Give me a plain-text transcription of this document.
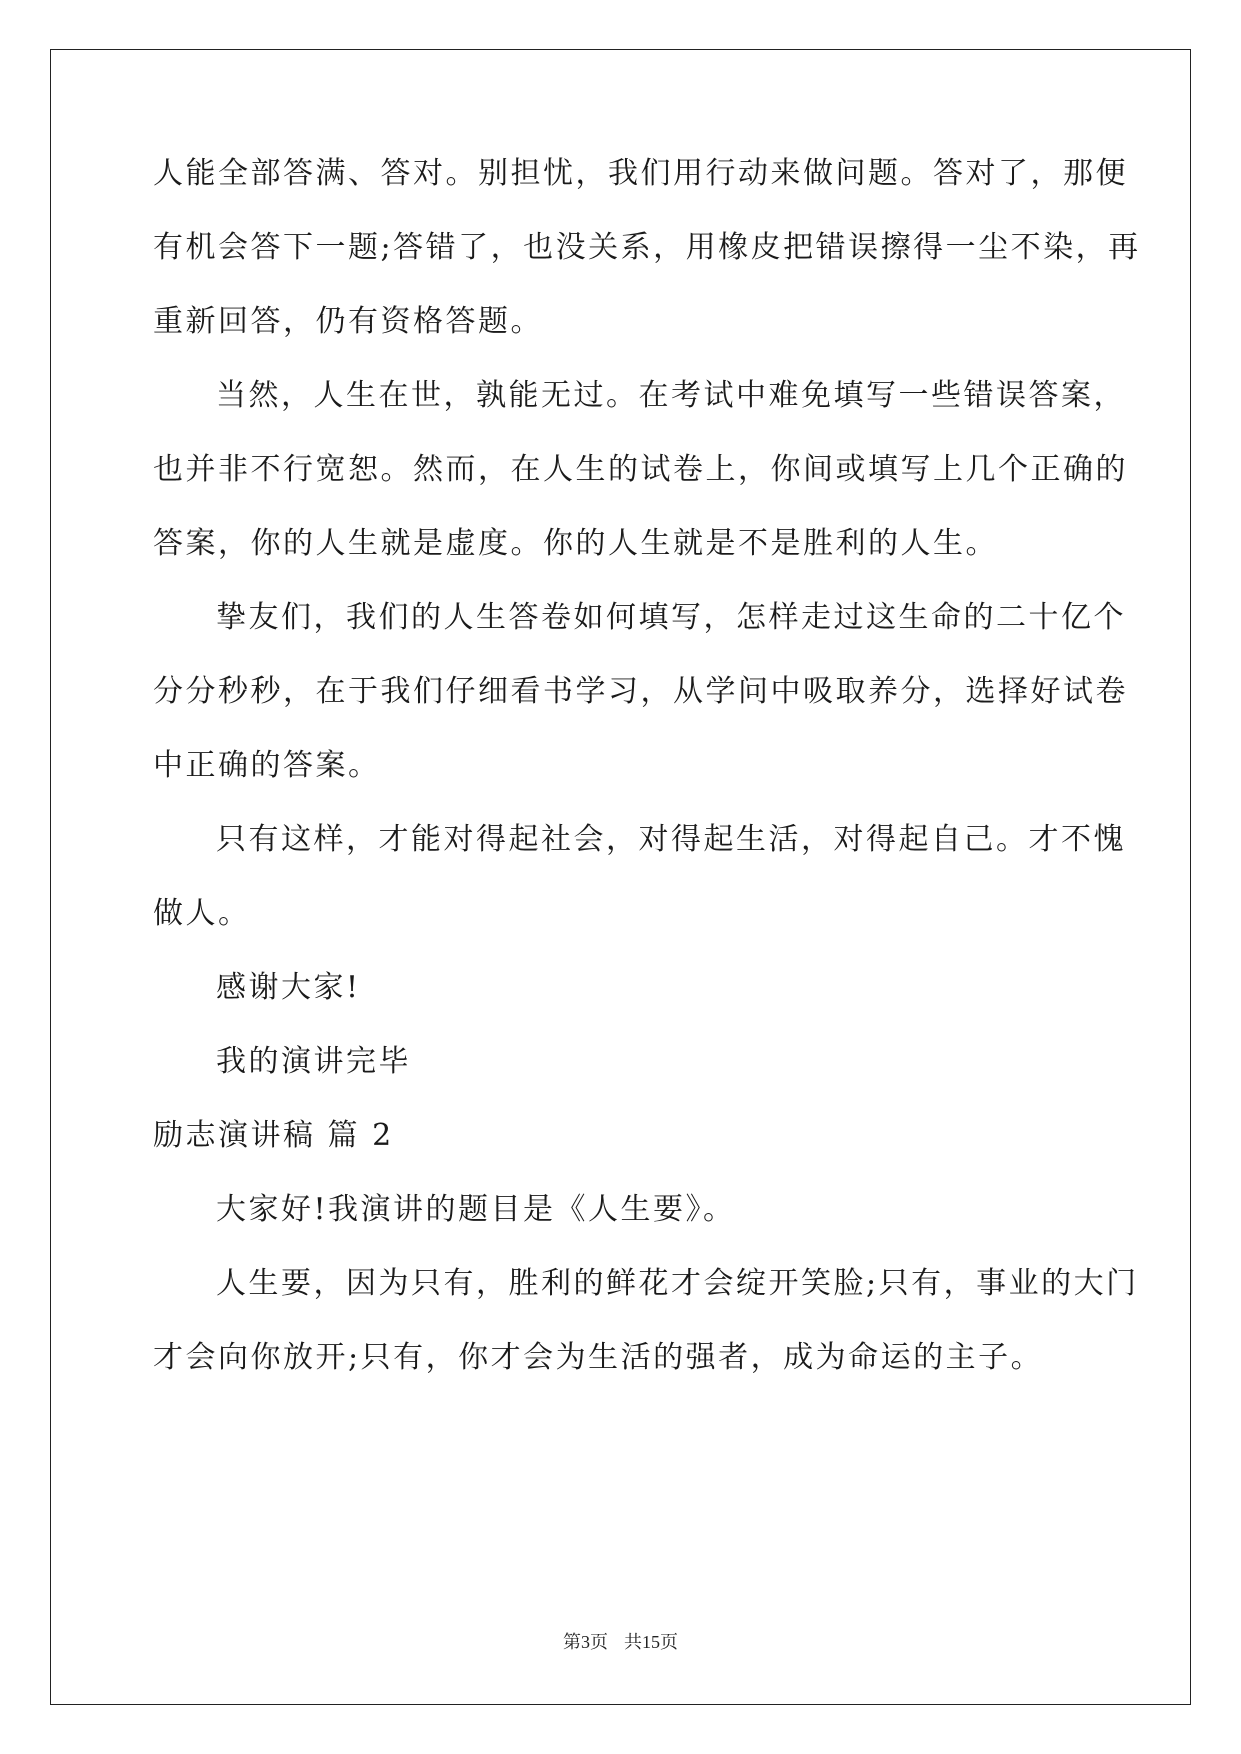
人能全部答满、答对。别担忧，我们用行动来做问题。答对了，那便
有机会答下一题;答错了，也没关系，用橡皮把错误擦得一尘不染，再
重新回答，仍有资格答题。
当然，人生在世，孰能无过。在考试中难免填写一些错误答案，
也并非不行宽恕。然而，在人生的试卷上，你间或填写上几个正确的
答案，你的人生就是虚度。你的人生就是不是胜利的人生。
挚友们，我们的人生答卷如何填写，怎样走过这生命的二十亿个
分分秒秒，在于我们仔细看书学习，从学问中吸取养分，选择好试卷
中正确的答案。
只有这样，才能对得起社会，对得起生活，对得起自己。才不愧
做人。
感谢大家!
我的演讲完毕
励志演讲稿 篇 2
大家好!我演讲的题目是《人生要》。
人生要，因为只有，胜利的鲜花才会绽开笑脸;只有，事业的大门
才会向你放开;只有，你才会为生活的强者，成为命运的主子。
第3页 共15页
